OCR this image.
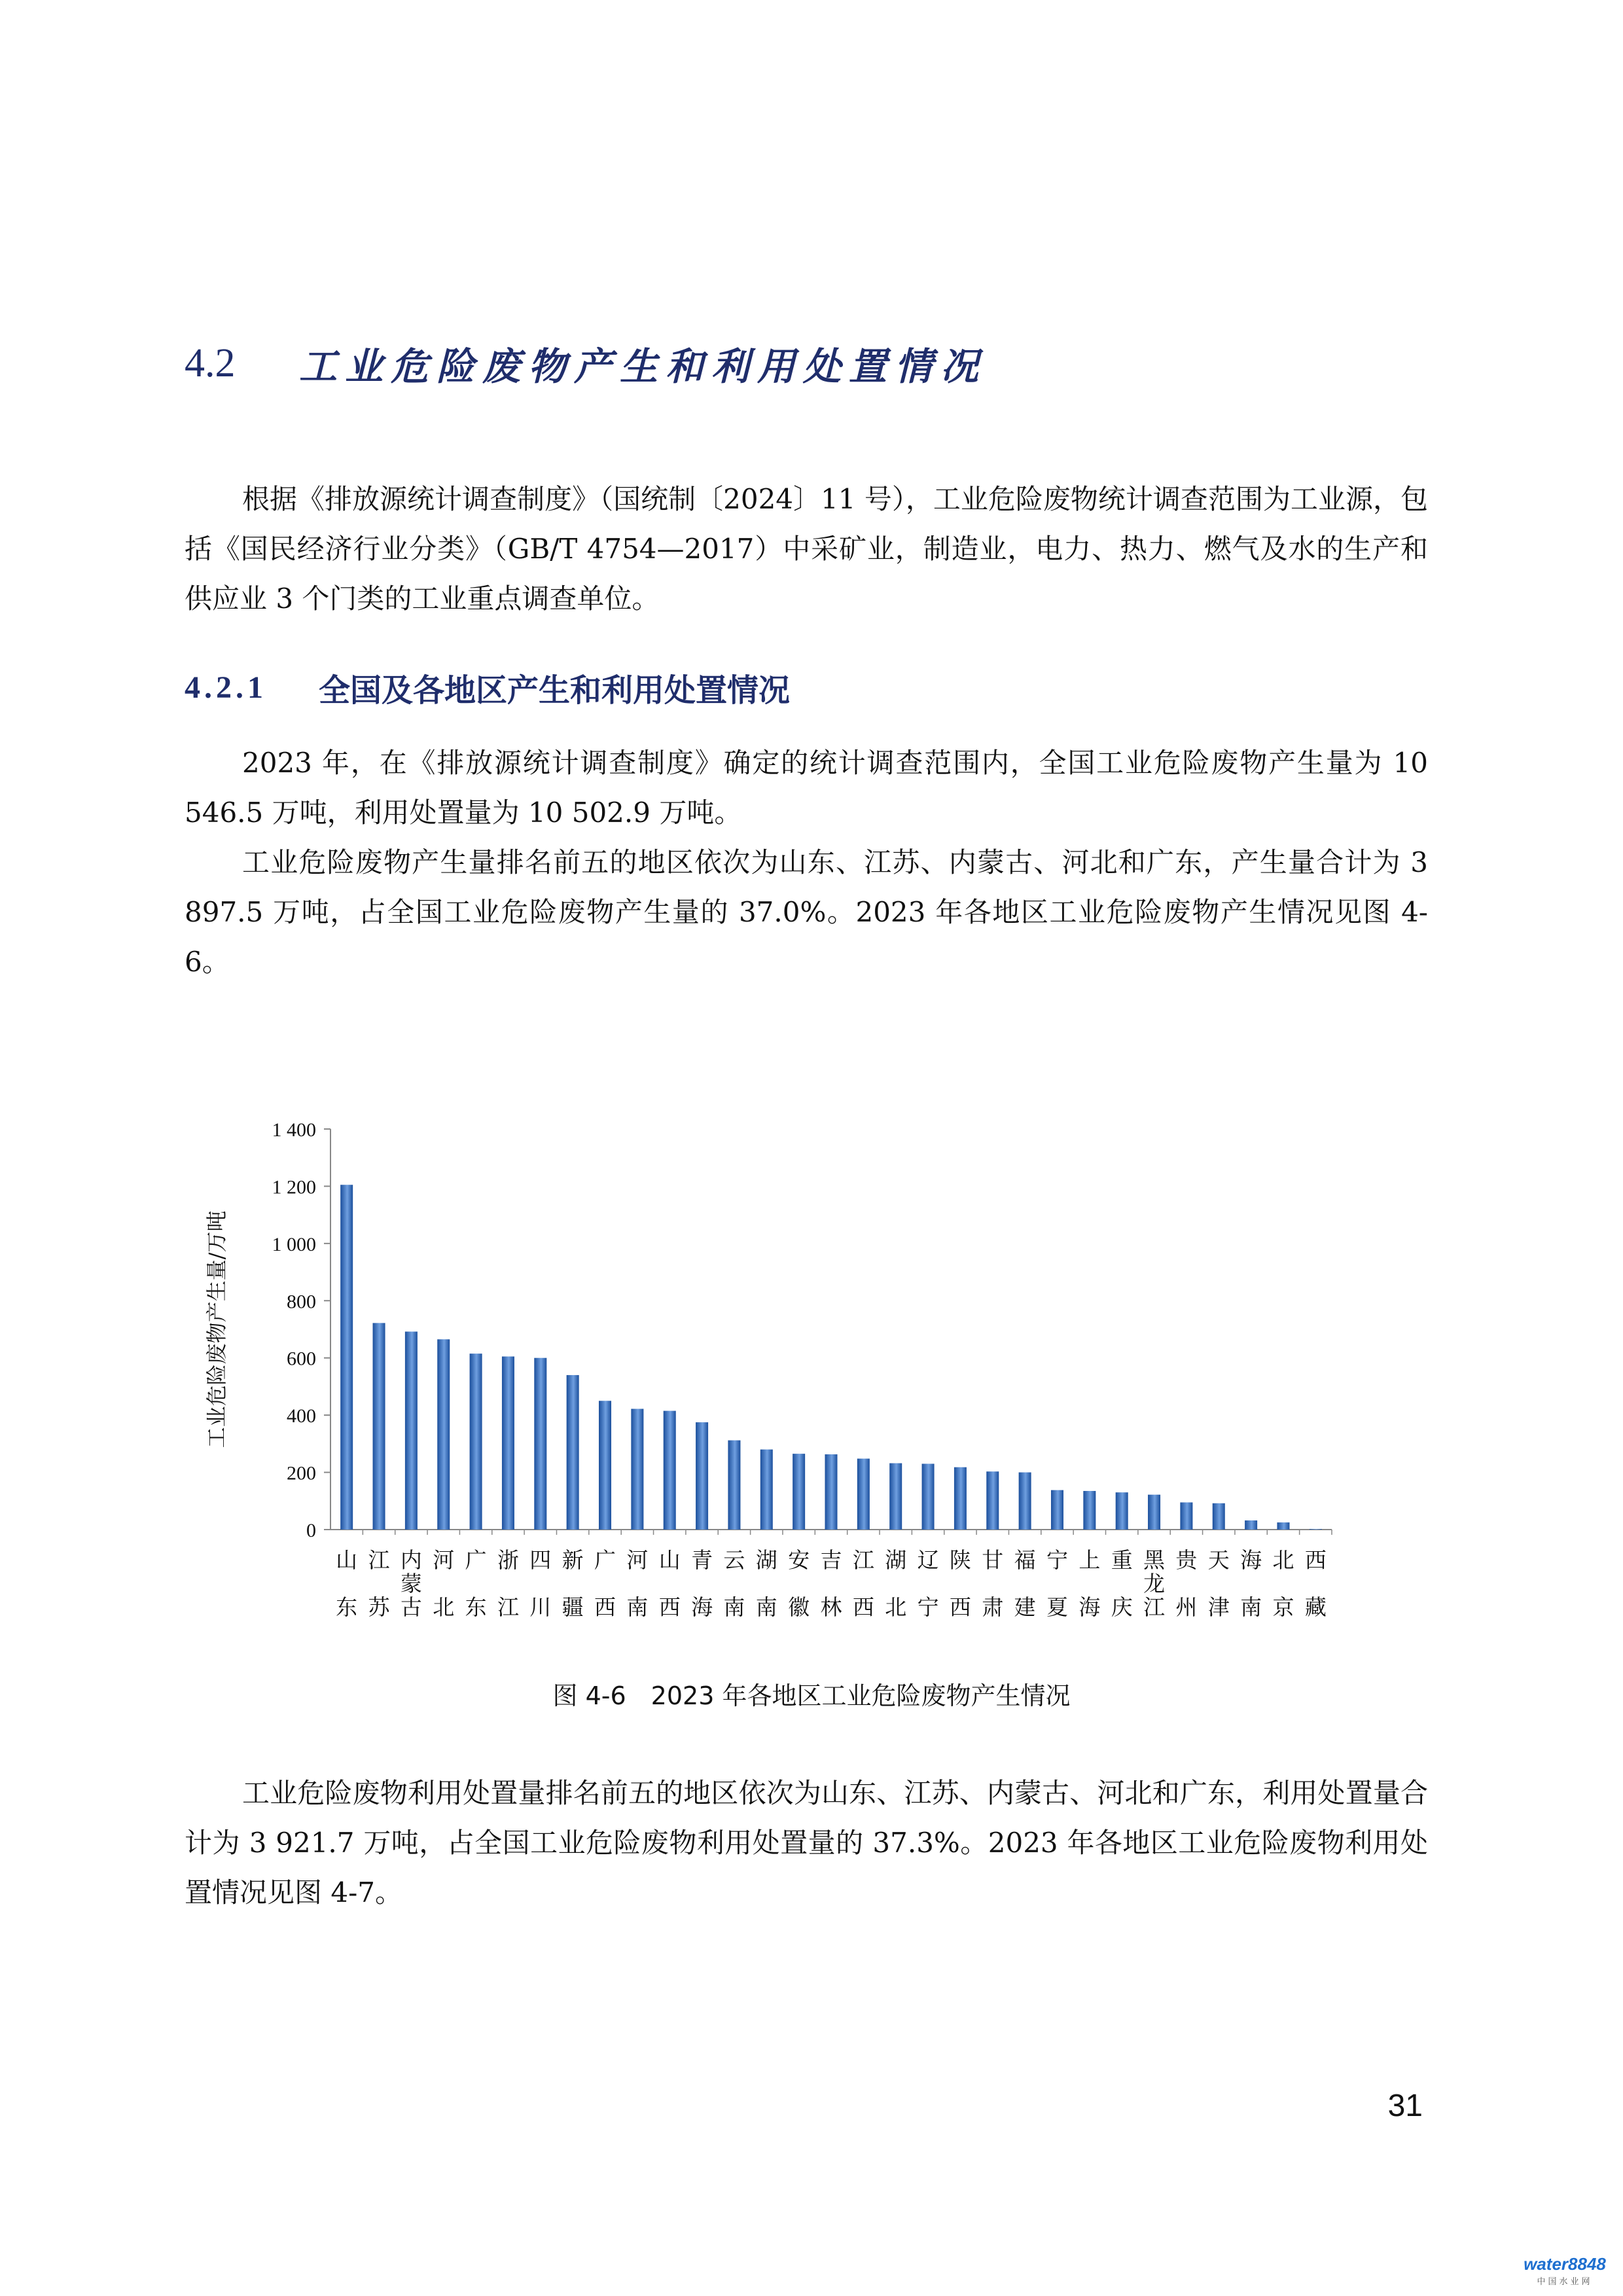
4.2	工业危险废物产生和利用处置情况
根据《排放源统计调查制度》（国统制〔2024〕11 号），工业危险废物统计调查范围为工业源，包括《国民经济行业分类》（GB/T 4754—2017）中采矿业，制造业，电力、热力、燃气及水的生产和供应业 3 个门类的工业重点调查单位。
4.2.1	全国及各地区产生和利用处置情况
2023 年，在《排放源统计调查制度》确定的统计调查范围内，全国工业危险废物产生量为 10 546.5 万吨，利用处置量为 10 502.9 万吨。
工业危险废物产生量排名前五的地区依次为山东、江苏、内蒙古、河北和广东，产生量合计为 3 897.5 万吨，占全国工业危险废物产生量的 37.0%。2023 年各地区工业危险废物产生情况见图 4-6。
0
200
400
600
800
1 000
1 200
1 400
工业危险废物产生量/万吨
山东
江苏
内蒙古
河北
广东
浙江
四川
新疆
广西
河南
山西
青海
云南
湖南
安徽
吉林
江西
湖北
辽宁
陕西
甘肃
福建
宁夏
上海
重庆
黑龙江
贵州
天津
海南
北京
西藏
图 4-6　2023 年各地区工业危险废物产生情况
工业危险废物利用处置量排名前五的地区依次为山东、江苏、内蒙古、河北和广东，利用处置量合计为 3 921.7 万吨，占全国工业危险废物利用处置量的 37.3%。2023 年各地区工业危险废物利用处置情况见图 4-7。
31
water8848
中国水业网
